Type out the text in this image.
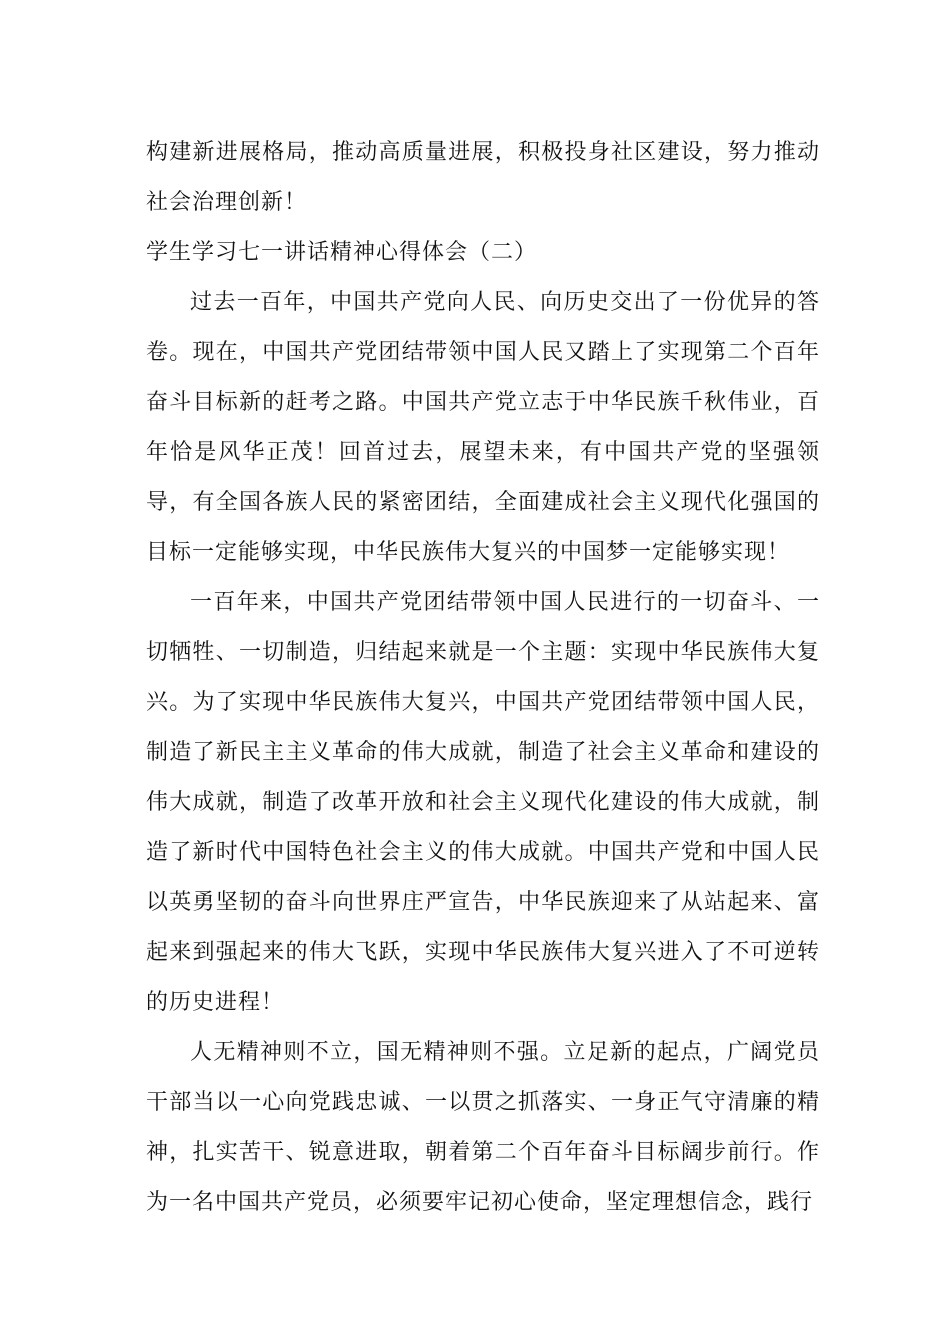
构建新进展格局，推动高质量进展，积极投身社区建设，努力推动社会治理创新！

学生学习七一讲话精神心得体会（二）

过去一百年，中国共产党向人民、向历史交出了一份优异的答卷。现在，中国共产党团结带领中国人民又踏上了实现第二个百年奋斗目标新的赶考之路。中国共产党立志于中华民族千秋伟业，百年恰是风华正茂！回首过去，展望未来，有中国共产党的坚强领导，有全国各族人民的紧密团结，全面建成社会主义现代化强国的目标一定能够实现，中华民族伟大复兴的中国梦一定能够实现！

一百年来，中国共产党团结带领中国人民进行的一切奋斗、一切牺牲、一切制造，归结起来就是一个主题：实现中华民族伟大复兴。为了实现中华民族伟大复兴，中国共产党团结带领中国人民，制造了新民主主义革命的伟大成就，制造了社会主义革命和建设的伟大成就，制造了改革开放和社会主义现代化建设的伟大成就，制造了新时代中国特色社会主义的伟大成就。中国共产党和中国人民以英勇坚韧的奋斗向世界庄严宣告，中华民族迎来了从站起来、富起来到强起来的伟大飞跃，实现中华民族伟大复兴进入了不可逆转的历史进程！

人无精神则不立，国无精神则不强。立足新的起点，广阔党员干部当以一心向党践忠诚、一以贯之抓落实、一身正气守清廉的精神，扎实苦干、锐意进取，朝着第二个百年奋斗目标阔步前行。作为一名中国共产党员，必须要牢记初心使命，坚定理想信念，践行
